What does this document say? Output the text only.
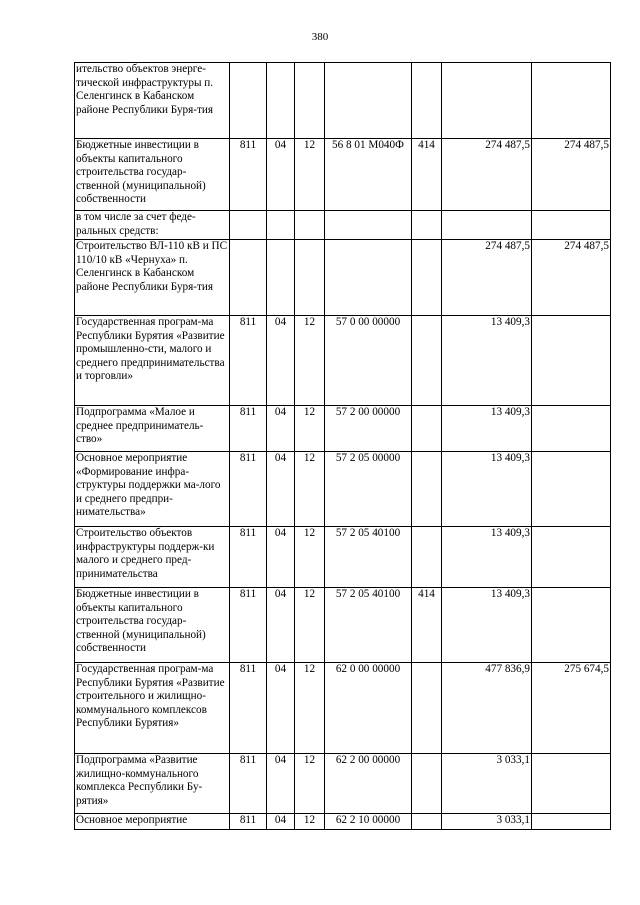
380
ительство объектов энерге-тической инфраструктуры п. Селенгинск в Кабанском районе Республики Буря-тия							
Бюджетные инвестиции в объекты капитального строительства государ-ственной (муниципальной) собственности	811	04	12	56 8 01 М040Ф	414	274 487,5	274 487,5
в том числе за счет феде-ральных средств:							
Строительство ВЛ-110 кВ и ПС 110/10 кВ «Чернуха» п. Селенгинск в Кабанском районе Республики Буря-тия						274 487,5	274 487,5
Государственная програм-ма Республики Бурятия «Развитие промышленно-сти, малого и среднего предпринимательства и торговли»	811	04	12	57 0 00 00000		13 409,3	
Подпрограмма «Малое и среднее предприниматель-ство»	811	04	12	57 2 00 00000		13 409,3	
Основное мероприятие «Формирование инфра-структуры поддержки ма-лого и среднего предпри-нимательства»	811	04	12	57 2 05 00000		13 409,3	
Строительство объектов инфраструктуры поддерж-ки малого и среднего пред-принимательства	811	04	12	57 2 05 40100		13 409,3	
Бюджетные инвестиции в объекты капитального строительства государ-ственной (муниципальной) собственности	811	04	12	57 2 05 40100	414	13 409,3	
Государственная програм-ма Республики Бурятия «Развитие строительного и жилищно-коммунального комплексов Республики Бурятия»	811	04	12	62 0 00 00000		477 836,9	275 674,5
Подпрограмма «Развитие жилищно-коммунального комплекса Республики Бу-рятия»	811	04	12	62 2 00 00000		3 033,1	
Основное мероприятие	811	04	12	62 2 10 00000		3 033,1	
